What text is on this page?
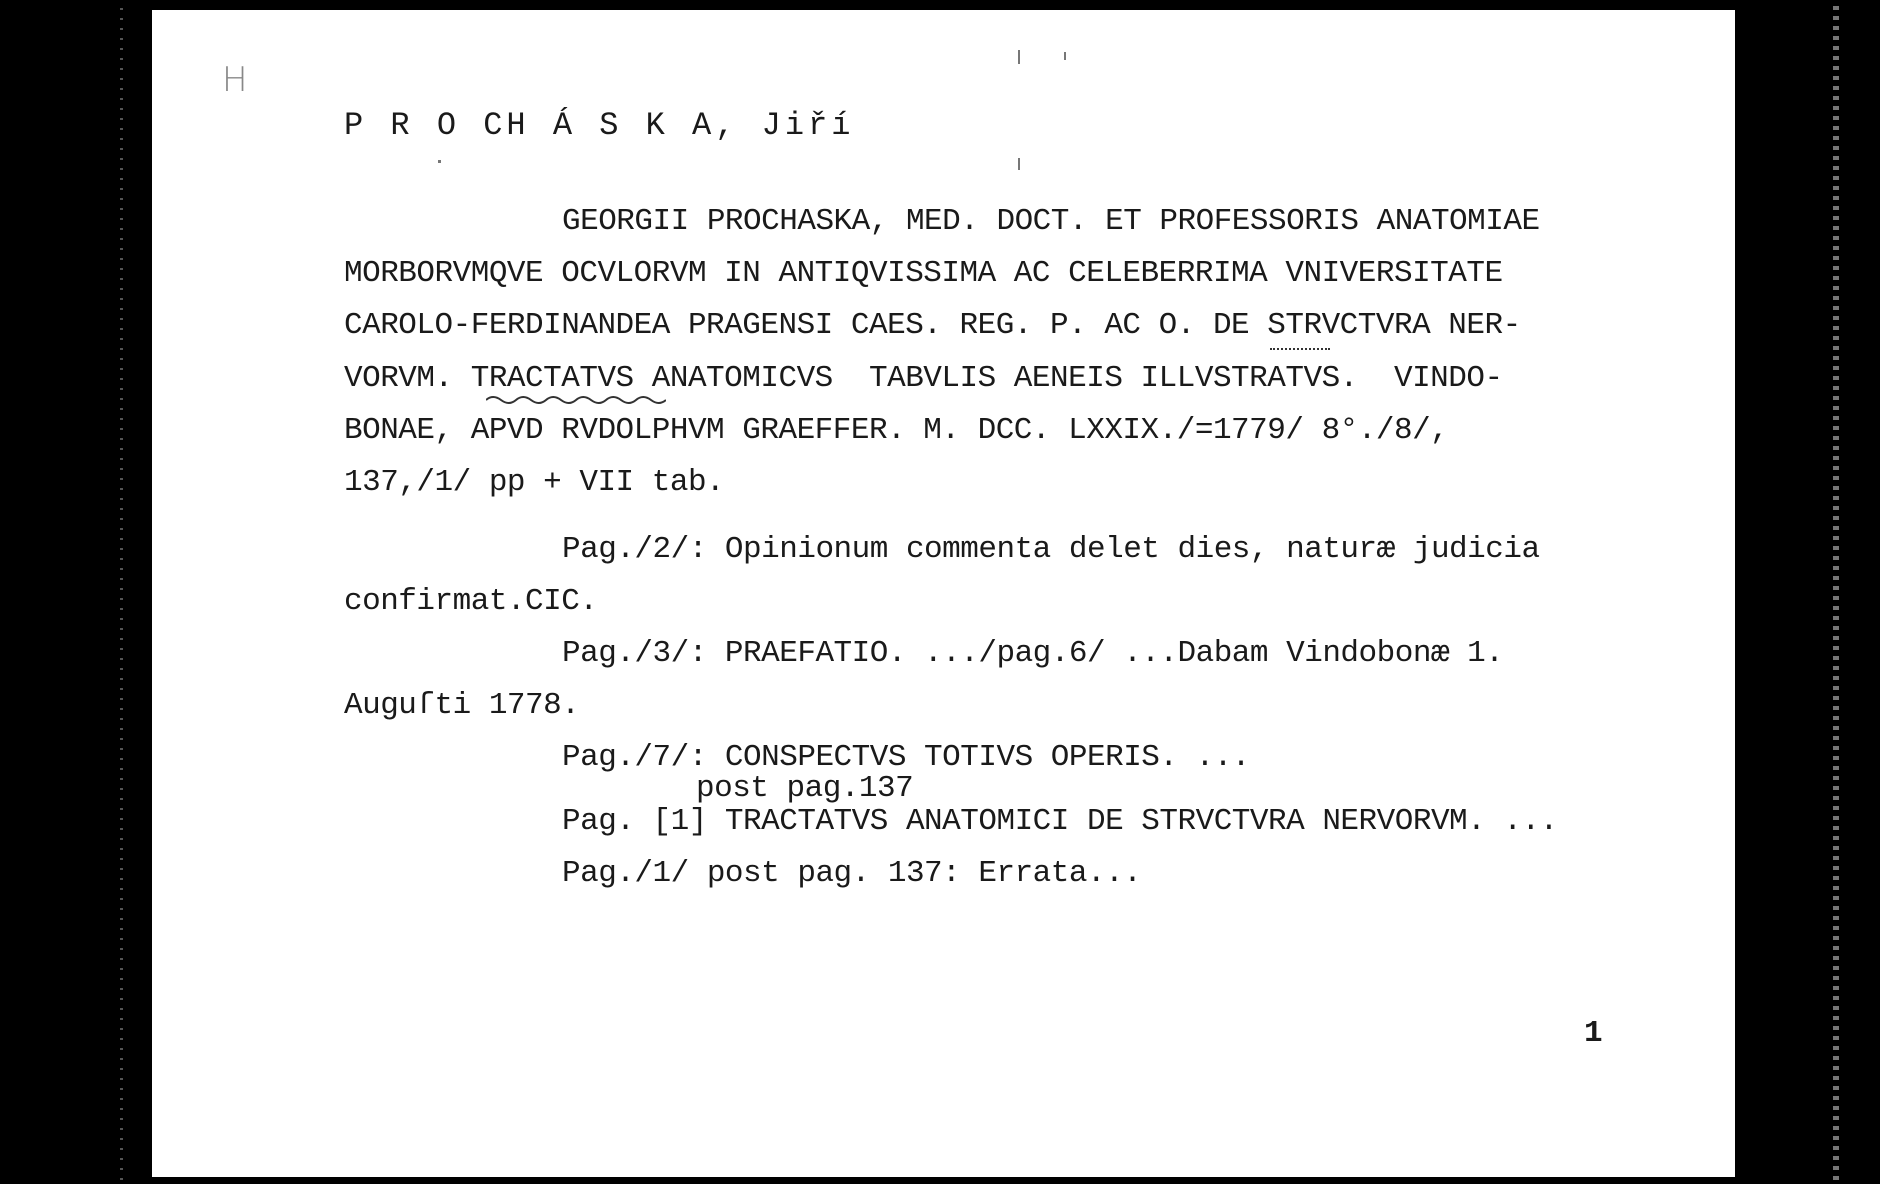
H
P R O CH Á S K A, Jiří
GEORGII PROCHASKA, MED. DOCT. ET PROFESSORIS ANATOMIAE
MORBORVMQVE OCVLORVM IN ANTIQVISSIMA AC CELEBERRIMA VNIVERSITATE
CAROLO-FERDINANDEA PRAGENSI CAES. REG. P. AC O. DE STRVCTVRA NER-
VORVM. TRACTATVS ANATOMICVS  TABVLIS AENEIS ILLVSTRATVS.  VINDO-
BONAE, APVD RVDOLPHVM GRAEFFER. M. DCC. LXXIX./=1779/ 8°./8/,
137,/1/ pp + VII tab.
Pag./2/: Opinionum commenta delet dies, naturæ judicia
confirmat.CIC.
Pag./3/: PRAEFATIO. .../pag.6/ ...Dabam Vindobonæ 1.
Auguſti 1778.
Pag./7/: CONSPECTVS TOTIVS OPERIS. ...
post pag.137
Pag. [1] TRACTATVS ANATOMICI DE STRVCTVRA NERVORVM. ...
Pag./1/ post pag. 137: Errata...
1
